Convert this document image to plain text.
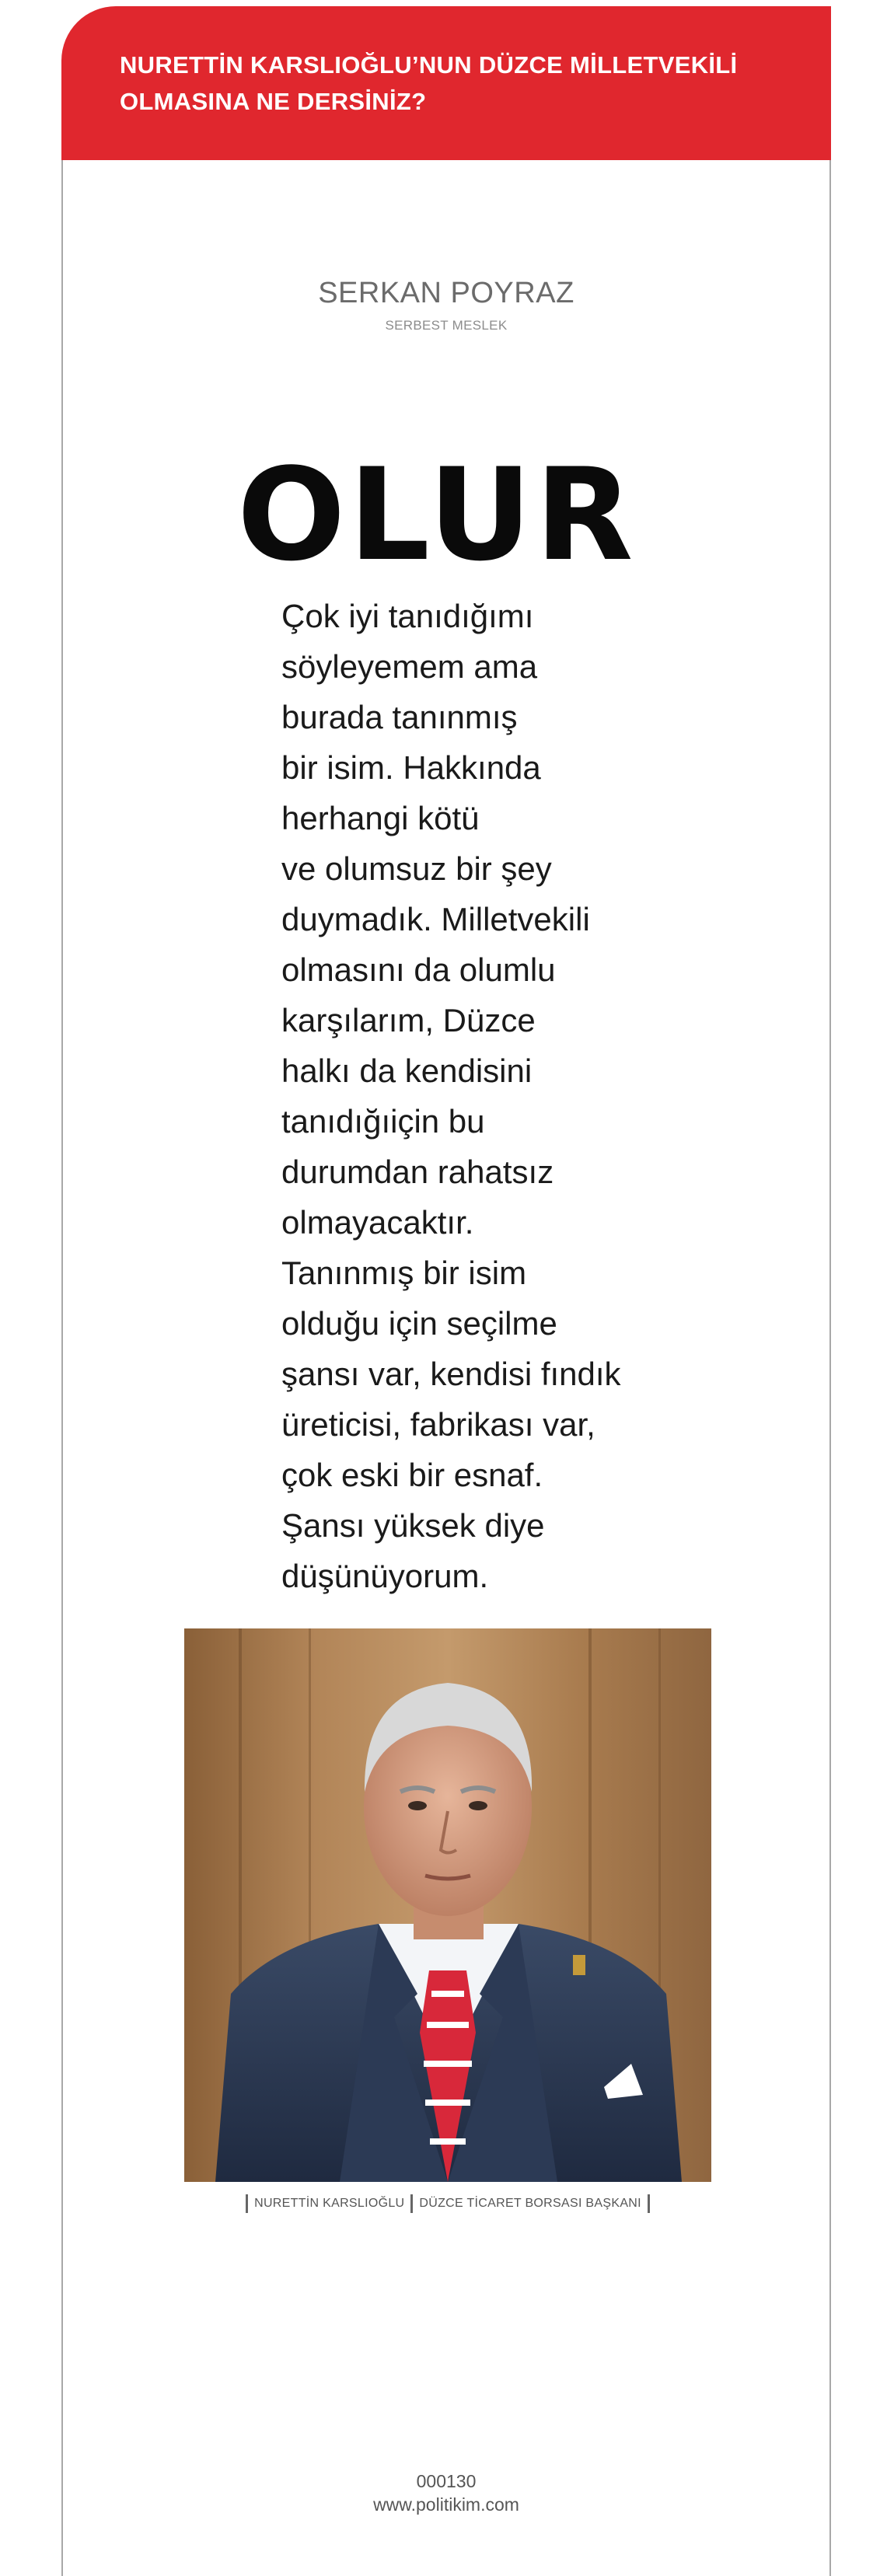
NURETTİN KARSLIOĞLU’NUN DÜZCE MİLLETVEKİLİ OLMASINA NE DERSİNİZ?
SERKAN POYRAZ
SERBEST MESLEK
OLUR

Çok iyi tanıdığımı
söyleyemem ama
burada tanınmış
bir isim. Hakkında
herhangi kötü
ve olumsuz bir şey
duymadık. Milletvekili
olmasını da olumlu
karşılarım, Düzce
halkı da kendisini
tanıdığıiçin bu
durumdan rahatsız
olmayacaktır.
Tanınmış bir isim
olduğu için seçilme
şansı var, kendisi fındık
üreticisi, fabrikası var,
çok eski bir esnaf.
Şansı yüksek diye
düşünüyorum.

NURETTİN KARSLIOĞLU DÜZCE TİCARET BORSASI BAŞKANI
000130
www.politikim.com
